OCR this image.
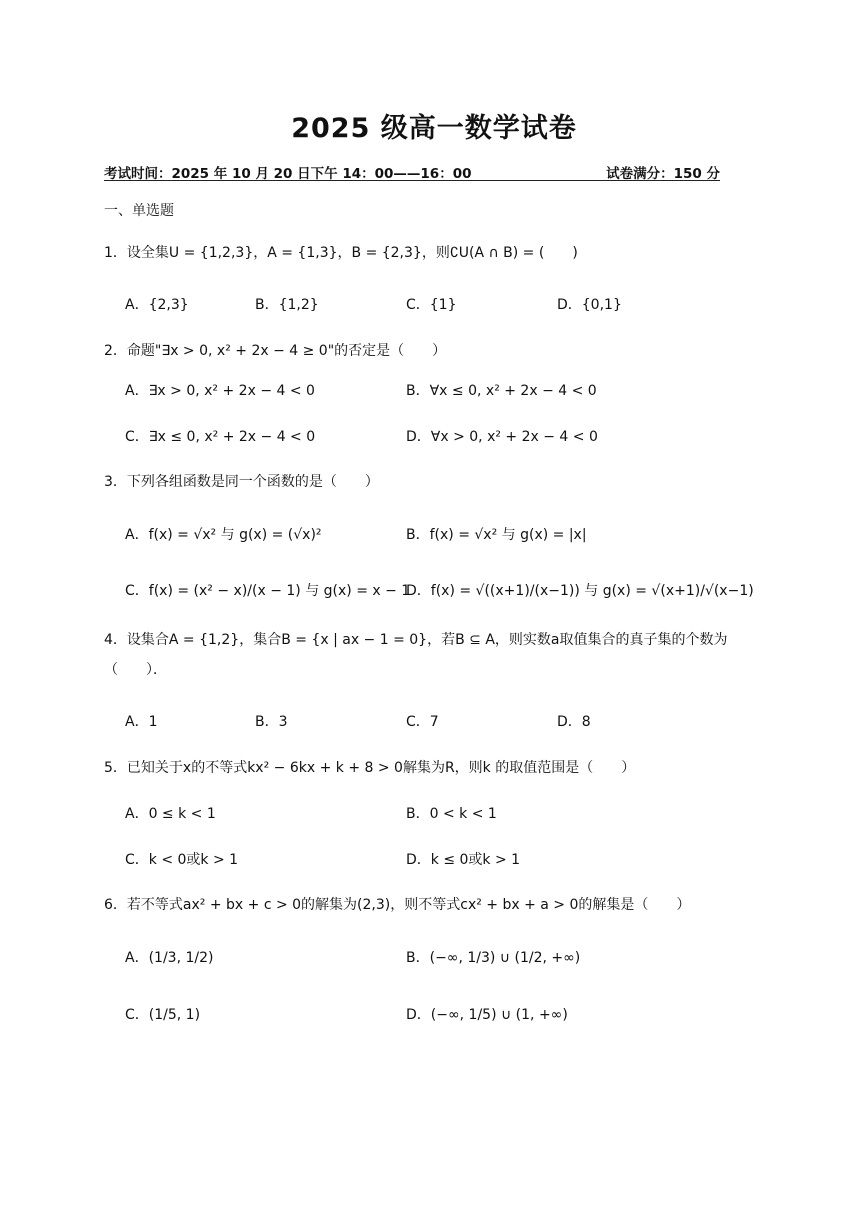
2025 级高一数学试卷
考试时间：2025 年 10 月 20 日下午 14：00——16：00	试卷满分：150 分
一、单选题
1．设全集U = {1,2,3}，A = {1,3}，B = {2,3}，则∁U(A ∩ B) = (　　)
A．{2,3}	B．{1,2}	C．{1}	D．{0,1}
2．命题"∃x > 0, x² + 2x − 4 ≥ 0"的否定是（　　）
A．∃x > 0, x² + 2x − 4 < 0	B．∀x ≤ 0, x² + 2x − 4 < 0
C．∃x ≤ 0, x² + 2x − 4 < 0	D．∀x > 0, x² + 2x − 4 < 0
3．下列各组函数是同一个函数的是（　　）
A．f(x) = √x² 与 g(x) = (√x)²	B．f(x) = √x² 与 g(x) = |x|
C．f(x) = (x² − x)/(x − 1) 与 g(x) = x − 1
D．f(x) = √((x+1)/(x−1)) 与 g(x) = √(x+1)/√(x−1)
4．设集合A = {1,2}，集合B = {x | ax − 1 = 0}，若B ⊆ A，则实数a取值集合的真子集的个数为（　　）．
A．1	B．3	C．7	D．8
5．已知关于x的不等式kx² − 6kx + k + 8 > 0解集为R，则k 的取值范围是（　　）
A．0 ≤ k < 1	B．0 < k < 1
C．k < 0或k > 1	D．k ≤ 0或k > 1
6．若不等式ax² + bx + c > 0的解集为(2,3)，则不等式cx² + bx + a > 0的解集是（　　）
A．(1/3, 1/2)	B．(−∞, 1/3) ∪ (1/2, +∞)
C．(1/5, 1)	D．(−∞, 1/5) ∪ (1, +∞)
